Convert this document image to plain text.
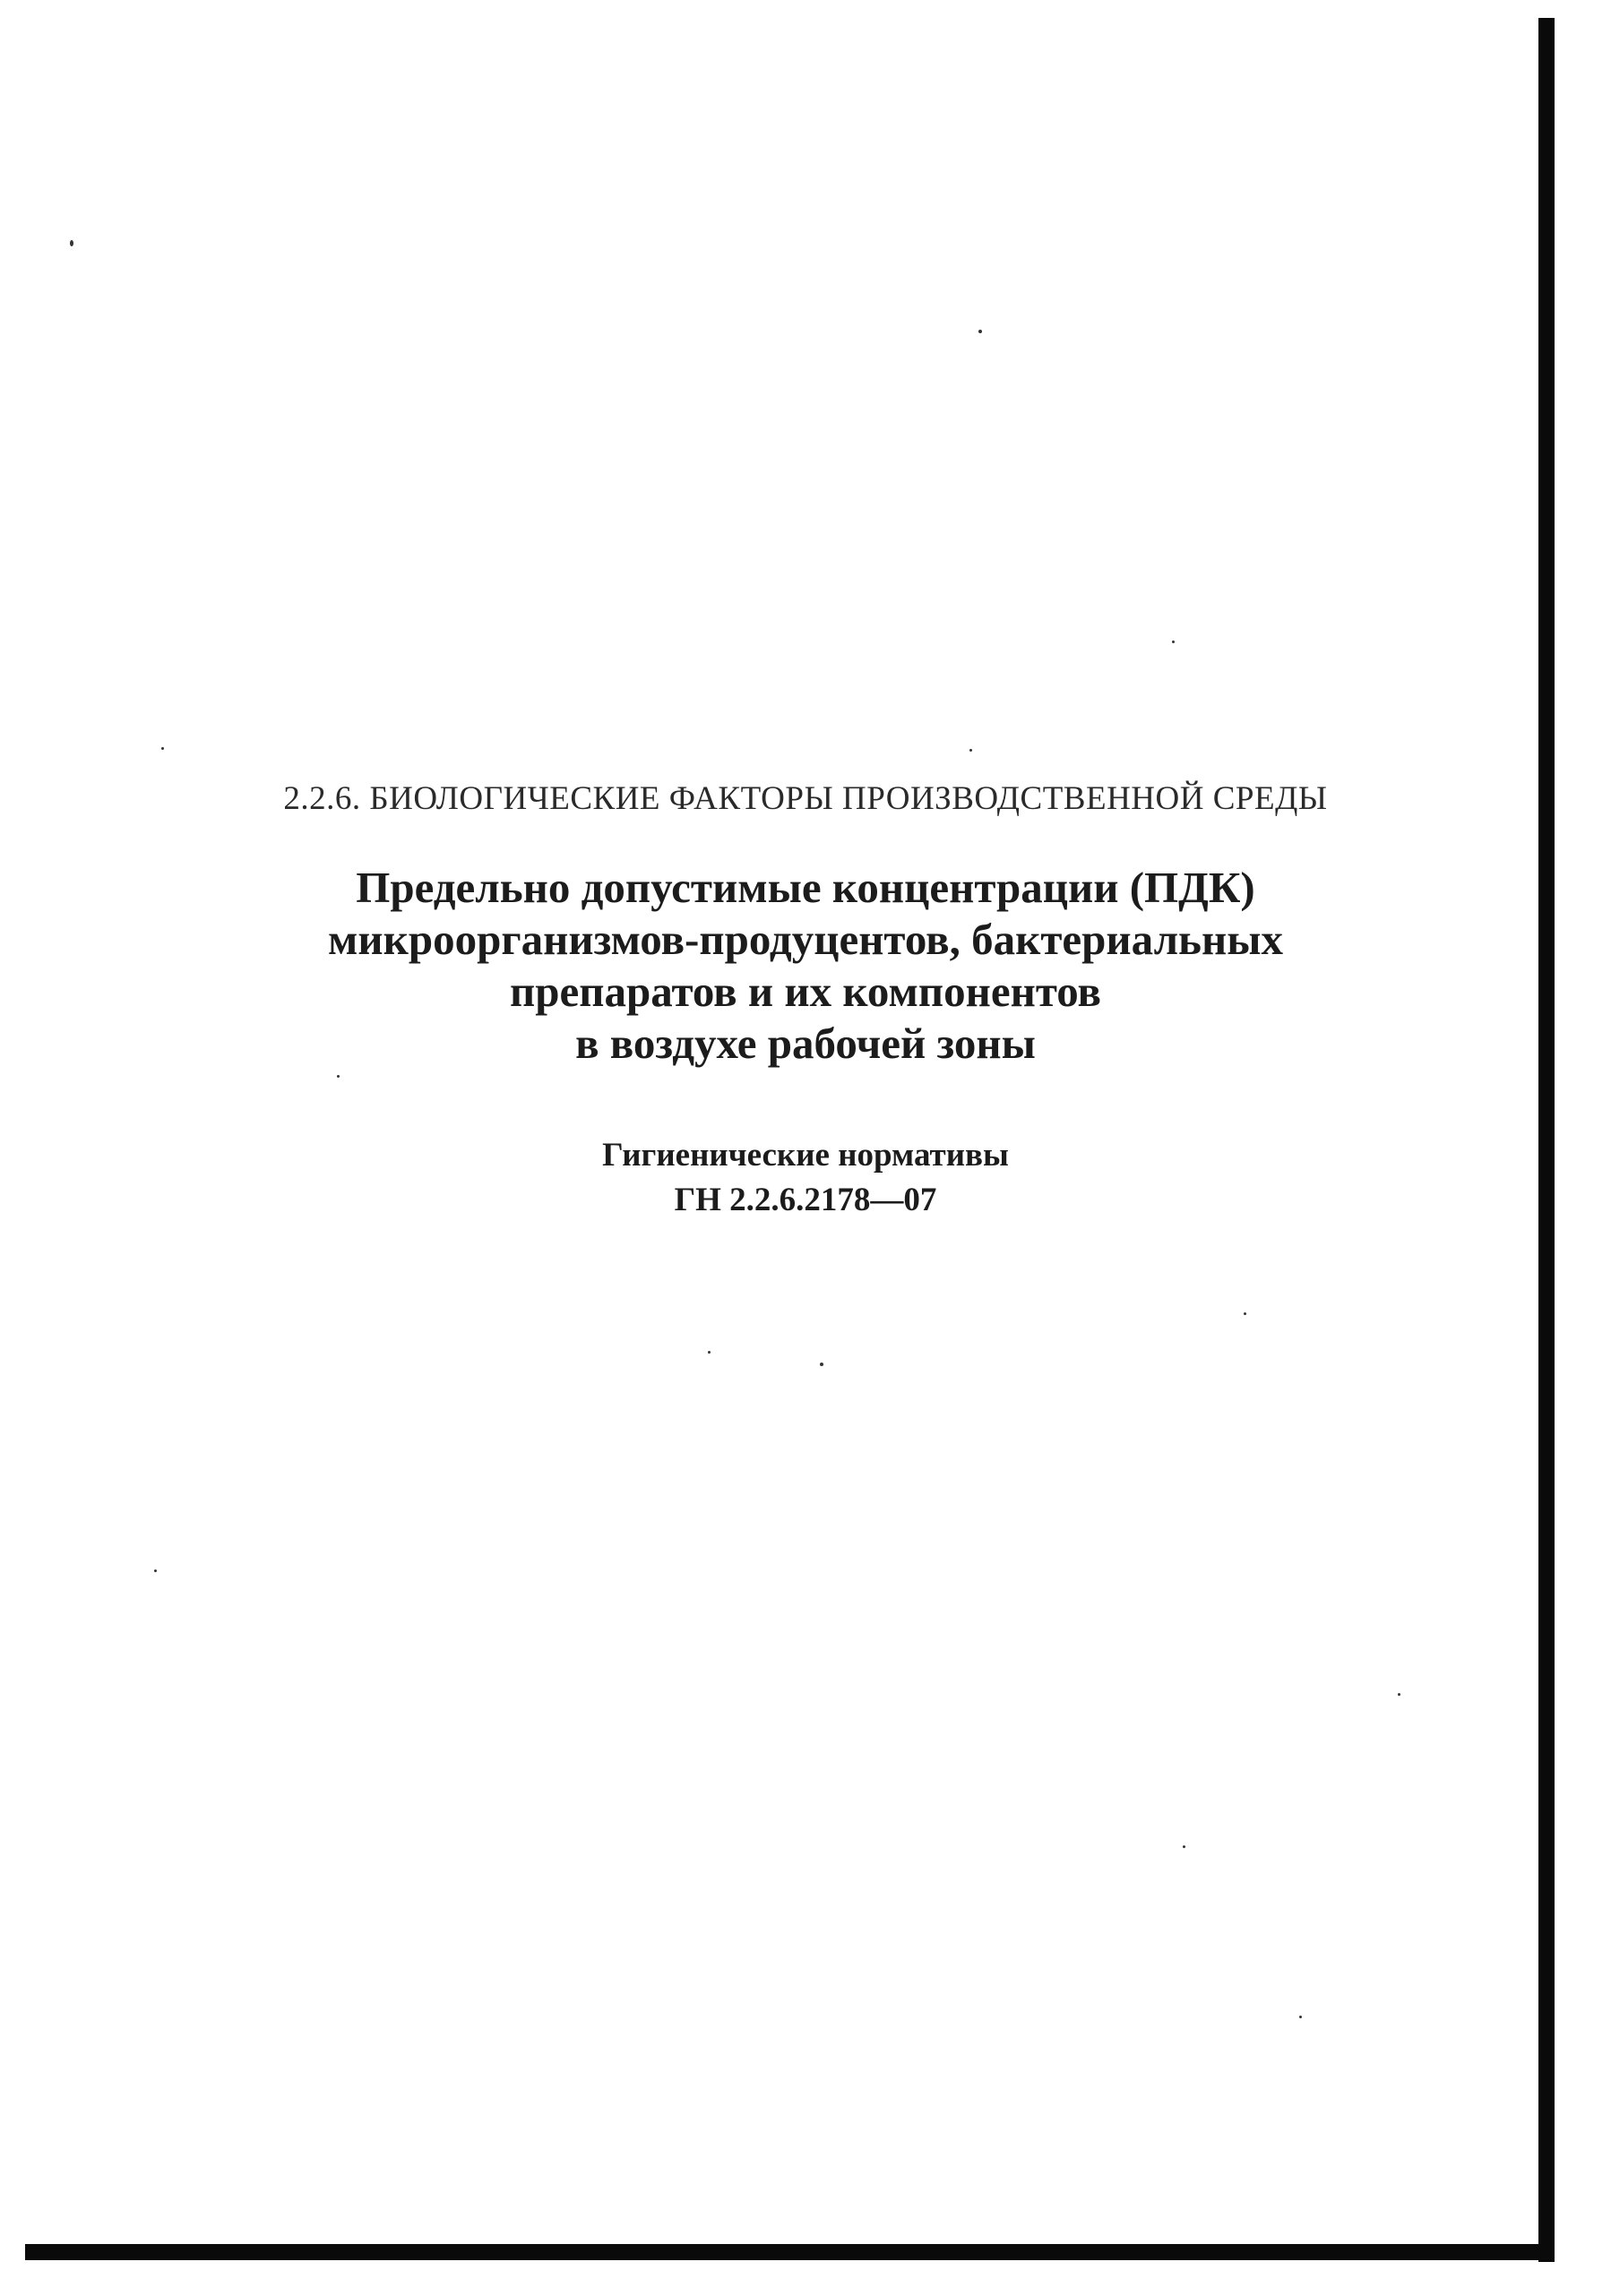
2.2.6. БИОЛОГИЧЕСКИЕ ФАКТОРЫ ПРОИЗВОДСТВЕННОЙ СРЕДЫ
Предельно допустимые концентрации (ПДК)
микроорганизмов-продуцентов, бактериальных
препаратов и их компонентов
в воздухе рабочей зоны
Гигиенические нормативы
ГН 2.2.6.2178—07
